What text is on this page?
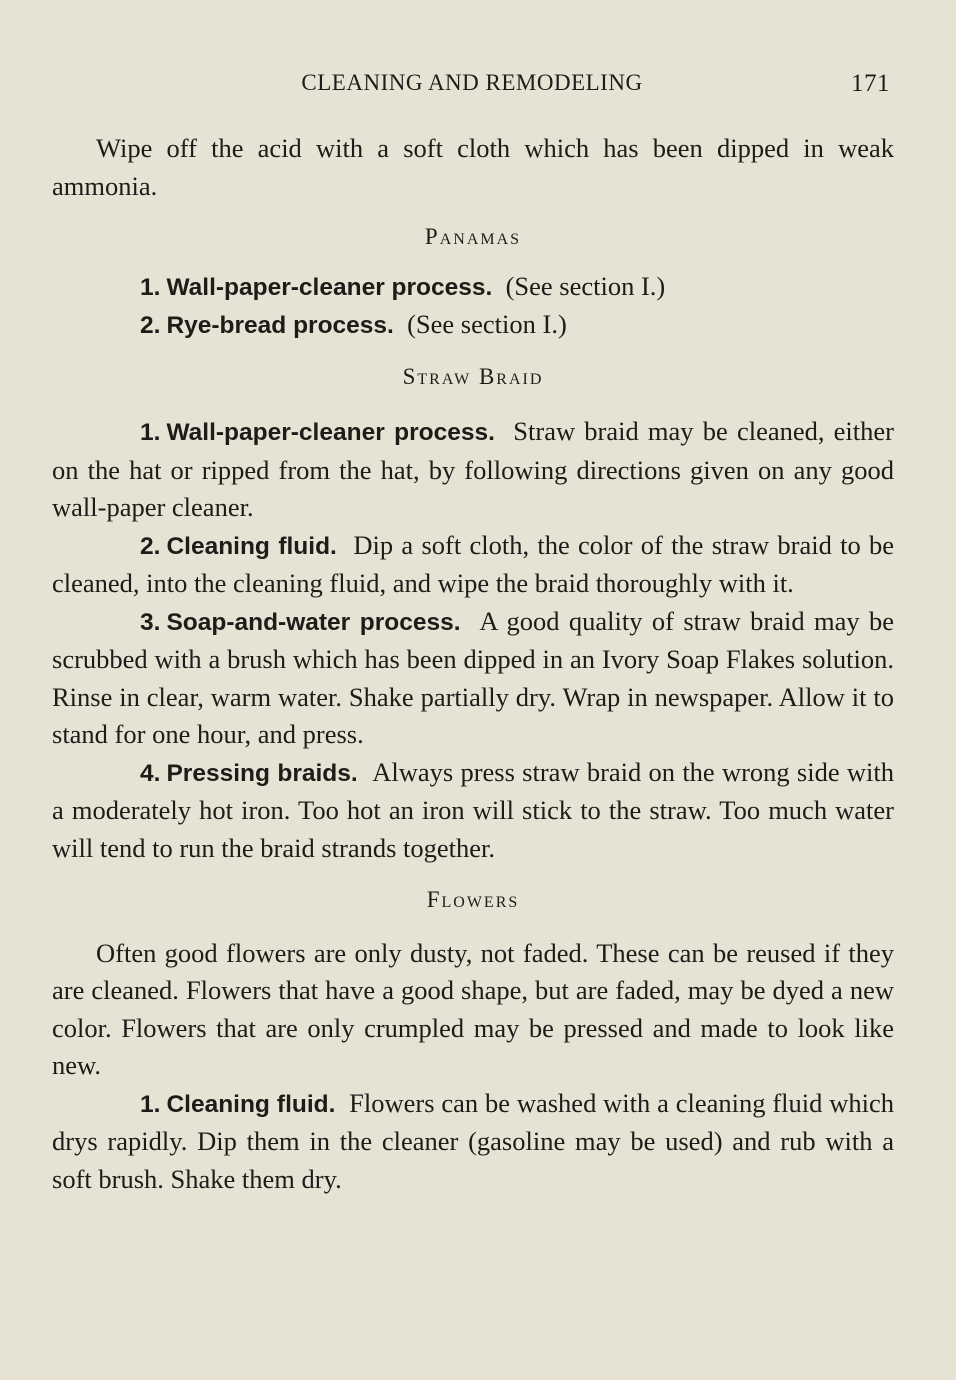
CLEANING AND REMODELING	171

Wipe off the acid with a soft cloth which has been dipped in weak ammonia.

Panamas

1. Wall-paper-cleaner process. (See section I.)

2. Rye-bread process. (See section I.)

Straw Braid

1. Wall-paper-cleaner process. Straw braid may be cleaned, either on the hat or ripped from the hat, by following directions given on any good wall-paper cleaner.

2. Cleaning fluid. Dip a soft cloth, the color of the straw braid to be cleaned, into the cleaning fluid, and wipe the braid thoroughly with it.

3. Soap-and-water process. A good quality of straw braid may be scrubbed with a brush which has been dipped in an Ivory Soap Flakes solution. Rinse in clear, warm water. Shake partially dry. Wrap in newspaper. Allow it to stand for one hour, and press.

4. Pressing braids. Always press straw braid on the wrong side with a moderately hot iron. Too hot an iron will stick to the straw. Too much water will tend to run the braid strands together.

Flowers

Often good flowers are only dusty, not faded. These can be reused if they are cleaned. Flowers that have a good shape, but are faded, may be dyed a new color. Flowers that are only crumpled may be pressed and made to look like new.

1. Cleaning fluid. Flowers can be washed with a cleaning fluid which drys rapidly. Dip them in the cleaner (gasoline may be used) and rub with a soft brush. Shake them dry.
